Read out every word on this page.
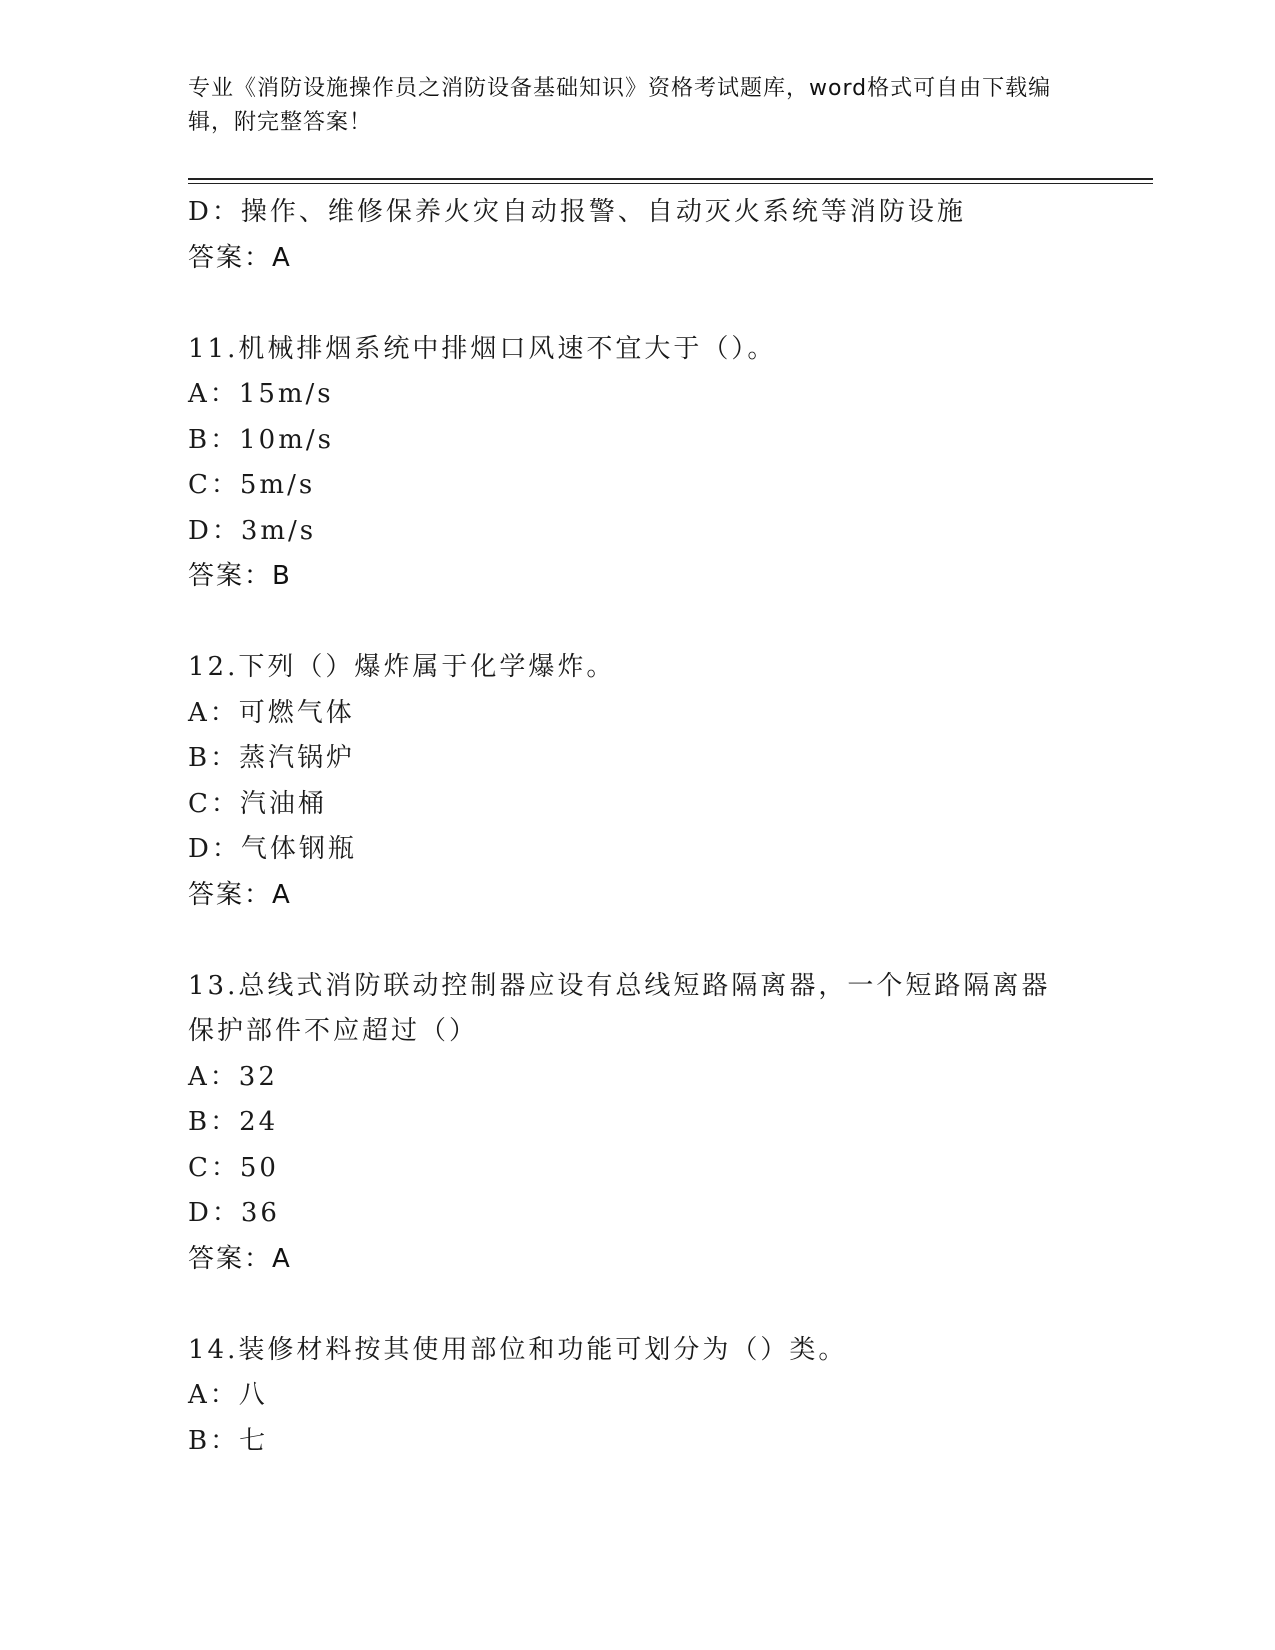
专业《消防设施操作员之消防设备基础知识》资格考试题库，word格式可自由下载编辑，附完整答案！
D：操作、维修保养火灾自动报警、自动灭火系统等消防设施
答案：A
11.机械排烟系统中排烟口风速不宜大于（）。
A：15m/s
B：10m/s
C：5m/s
D：3m/s
答案：B
12.下列（）爆炸属于化学爆炸。
A：可燃气体
B：蒸汽锅炉
C：汽油桶
D：气体钢瓶
答案：A
13.总线式消防联动控制器应设有总线短路隔离器，一个短路隔离器保护部件不应超过（）
A：32
B：24
C：50
D：36
答案：A
14.装修材料按其使用部位和功能可划分为（）类。
A：八
B：七
